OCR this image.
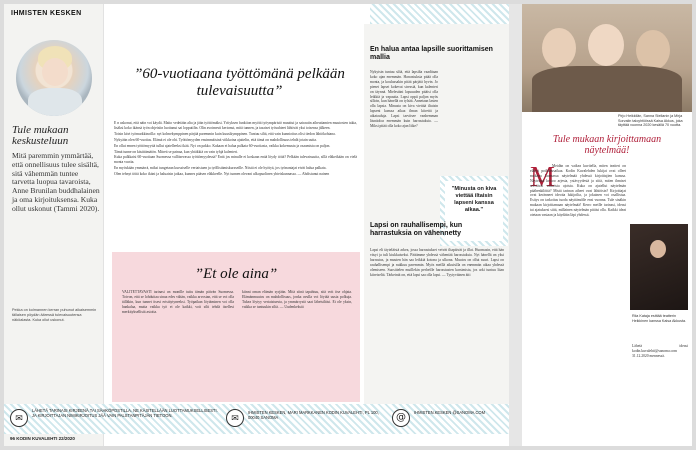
IHMISTEN KESKEN
Tule mukaan keskusteluun
Mitä paremmin ymmärtää, että onnellisuus tulee sisältä, sitä vähemmän tuntee tarvetta luopua tavaroista, Anne Brunilan buddhalainen ja oma kirjoituksensa. Kuka ollut uskonut (Tammi 2020).
Pekka on kolmannen kerran puhunut aikaisemmin tällaisen pöydän ääressä tulevaisuutensa näköalasta. Kuka ollut uskonut.
”60-vuotiaana työttömänä pelkään tulevaisuutta”

E n uskonut, että näin voi käydä. Maito vedetään alta ja jään työttömäksi. Yrityksen funktion myötä työympäristö muuttui ja sairautin aiheuttamien muutosten takia, lisäksi koko ikänsä työn ohjeisiin luottanut sai lopputilin. Olin avoimesti kertonut, mitä tunnen, ja tasaiset työsuhteet lähtivät yksi toisensa jälkeen.

Toisin kävi työmarkkinoilla: nyt kolmekymppinen pärjää paremmin kuin kuusikymppinen. Tuntuu siltä, että vain kunnioitus olisi tiedon lähtökohtana.

Nykyään olen 60-vuotias. Elämä ei ole ohi. Työttömyyden ensimmäisinä viikkoina ajattelin, että tämä on mahdollisuus tehdä jotain uutta.

En ollut ennen työttömyyttä tullut ajatelleeksi ikää. Nyt on pakko. Kukaan ei halua palkata 60-vuotiasta, vaikka kokemusta ja osaamista on paljon.

Tämä tunne on käsittämätön. Mitreä se painaa, kun yhtäkkiä on vain tyhjä kalenteri.

Kuka palkkaisi 60-vuotiaan Suomessa vallitsevassa työttömyydessä? Entä jos minulle ei koskaan enää löydy töitä? Pelkään tulevaisuutta, sillä eläkeikään on vielä monta vuotta.

En myöskään ymmärrä, miksi tungetaan kurssiselle vertaistuen ja työllistämiskursseille. Niistä ei ole hyötyä, jos työnantajat eivät halua palkata.

Olen tehnyt töitä koko ikäni ja haluaisin jatkaa, kunnes pääsen eläkkeelle. Nyt tunnen olevani ulkopuolinen yhteiskunnassa. — Ahdistunut nainen

”Et ole aina”
VALITETTAVASTI tarinasi on monille tuttu tämän päivän Suomessa. Toivon, että se lohduttaa sinua edes vähän, vaikka arvostan, että se voi olla tälläkin, kun tunnet itsesi eristäytyneeksi. Työpaikan löytäminen voi olla hankalaa, mutta vaikka työ ei ole kaikki, voit silti tehdä itsellesi merkityksellisiä asioita.
kiinni oman elämän syrjään. Mitä siinä tapahtuu, sitä voit itse ohjata. Elämänmuutos on mahdollisuus, jonka avulla voi löytää uusia polkuja. Tukea löytyy vertaistuesta, ja ymmärrystä saat läheisiltäsi. Et ole yksin, vaikka se tuntuukin siltä. — Uudenkeksiä
En halua antaa lapsille suorittamisen mallia
Nykyisin tuntuu siltä, että lapsilta vaaditaan koko ajan enemmän. Harrastuksia pitää olla monta, ja koulussakin pitää pärjätä hyvin. Jo pienet lapset kokevat stressiä, kun kalenteri on täynnä. Mielestäni lapsuuden pitäisi olla leikkiä ja vapautta. Lapsi oppii paljon myös silloin, kun hänellä on tylsää. Annetaan lasten olla lapsia. Minusta on kiva viettää iltaisin lapseni kanssa aikaa ilman kiirettä ja aikatauluja. Lapsi tarvitsee vanhemman läsnäoloa enemmän kuin harrastuksia. — Miksi pitää olla koko ajan liike?
”Minusta on kiva viettää iltaisin lapseni kanssa aikaa.”
Lapsi on rauhallisempi, kun harrastuksia on vähennetty
Lapsi eli täyteläistä arkea, jossa harrastukset veivät iltapäivät ja illat. Huomasin, että hän väsyi ja tuli kiukkuiseksi. Päätimme yhdessä vähentää harrastuksia. Nyt hänellä on yksi harrastus, ja muuten hän saa leikkiä kotona ja ulkona. Muutos on ollut suuri. Lapsi on rauhallisempi ja nukkuu paremmin. Myös meillä aikuisilla on enemmän aikaa yhdessä olemiseen. Suosittelen muillekin perheille harrastusten karsimista, jos arki tuntuu liian kiireiseltä. Tärkeintä on, että lapsi saa olla lapsi. — Tyytyväinen äiti
✉
LÄHETÄ TARINASI KIRJEENÄ TAI SÄHKÖPOSTILLA. NE KÄSITELLÄÄN LUOTTAMUKSELLISESTI. JA KIRJOITTAJAN NIMIKIRJOITUS JÄÄ VAIN PALSTANPITÄJÄN TIETOON.	✉
IHMISTEN KESKEN, MARI MARKKANEN KODIN KUVALEHTI, PL 100, 00040 SANOMA	@	IHMISTEN.KESKEN @SANOMA.COM
96 KODIN KUVALEHTI 22/2020
Pirjo Heikkilän, Sanna Stellanin ja Mirja Sorvalin taloyhtiöissä Kaisa Akkus, joka täyttää vuonna 2020 kesällä 70 vuotta.
Tule mukaan kirjoittamaan näytelmää!
M
Meidän on vaikea kuvitella, miten teatteri on elänyt poikkeusaikaa. Kodin Kuvalehden lukijat ovat olleet mukana luomassa näytelmää yhdessä kirjoittajien kanssa. Näytelmä kertoo arjesta, ystävyydestä ja siitä, miten ihmiset selviävät vaikeista ajoista. Kuka on ajatellut näytelmän päähenkilöitä? Mistä tarinan aiheet ovat lähtöisin? Kirjoittajat ovat keränneet ideoita lukijoilta, ja jokainen voi osallistua. Esitys on tarkoitus tuoda näyttämölle ensi vuonna. Tule sinäkin mukaan kirjoittamaan näytelmää! Kerro meille tarinasi, ideasi tai ajatuksesi siitä, millainen näytelmän pitäisi olla. Kaikki ideat otetaan vastaan ja käydään läpi yhdessä.
Riia Kataja esittää teatterin Heikkinen kanssa Kaisa Akkusta.
Lähetä ideasi kodin.kuvalehti@sanoma.com 31.12.2020 mennessä.
